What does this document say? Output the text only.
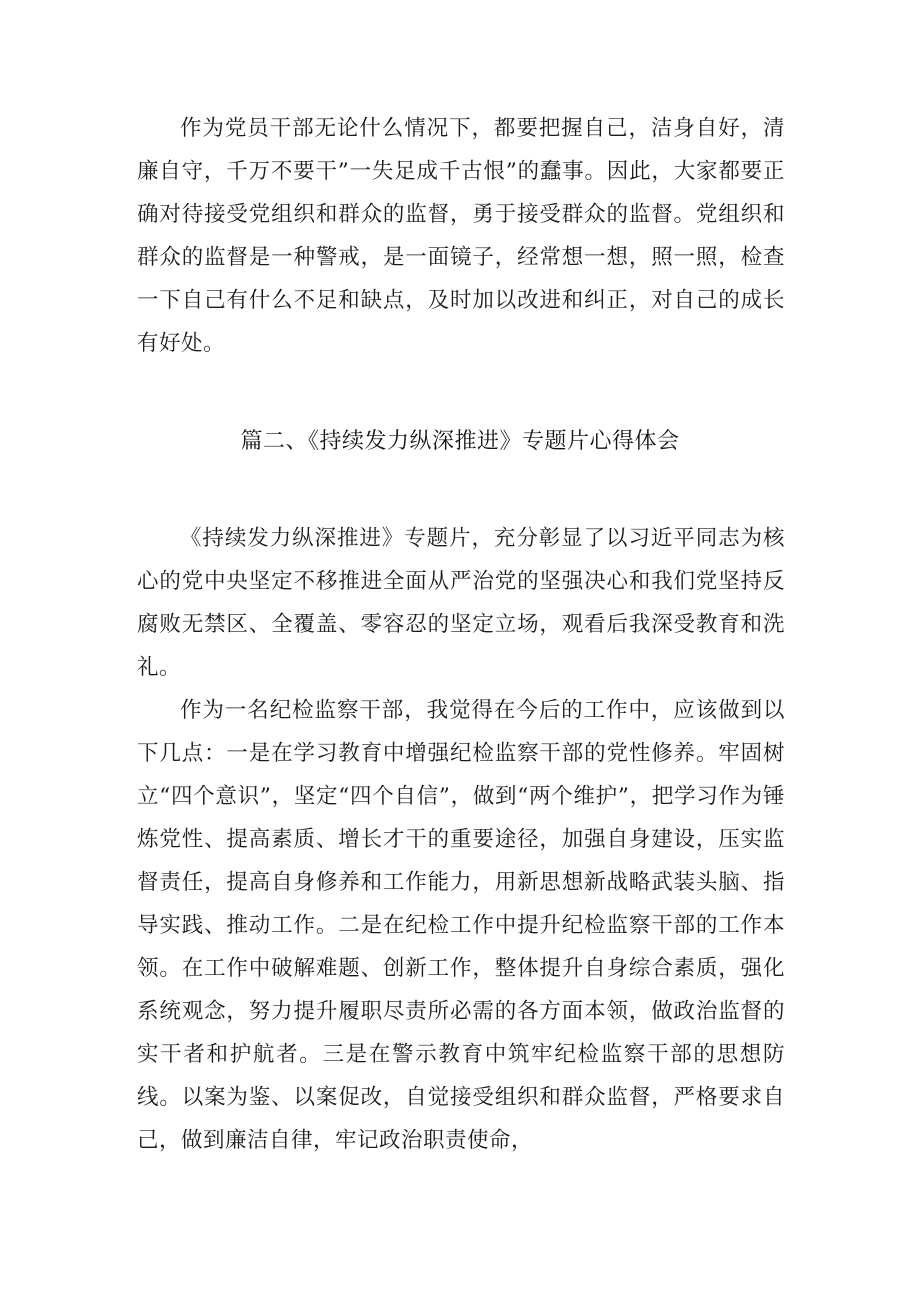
作为党员干部无论什么情况下，都要把握自己，洁身自好，清廉自守，千万不要干”一失足成千古恨”的蠢事。因此，大家都要正确对待接受党组织和群众的监督，勇于接受群众的监督。党组织和群众的监督是一种警戒，是一面镜子，经常想一想，照一照，检查一下自己有什么不足和缺点，及时加以改进和纠正，对自己的成长有好处。

篇二、《持续发力纵深推进》专题片心得体会

《持续发力纵深推进》专题片，充分彰显了以习近平同志为核心的党中央坚定不移推进全面从严治党的坚强决心和我们党坚持反腐败无禁区、全覆盖、零容忍的坚定立场，观看后我深受教育和洗礼。

作为一名纪检监察干部，我觉得在今后的工作中，应该做到以下几点：一是在学习教育中增强纪检监察干部的党性修养。牢固树立“四个意识”，坚定“四个自信”，做到“两个维护”，把学习作为锤炼党性、提高素质、增长才干的重要途径，加强自身建设，压实监督责任，提高自身修养和工作能力，用新思想新战略武装头脑、指导实践、推动工作。二是在纪检工作中提升纪检监察干部的工作本领。在工作中破解难题、创新工作，整体提升自身综合素质，强化系统观念，努力提升履职尽责所必需的各方面本领，做政治监督的实干者和护航者。三是在警示教育中筑牢纪检监察干部的思想防线。以案为鉴、以案促改，自觉接受组织和群众监督，严格要求自己，做到廉洁自律，牢记政治职责使命，
